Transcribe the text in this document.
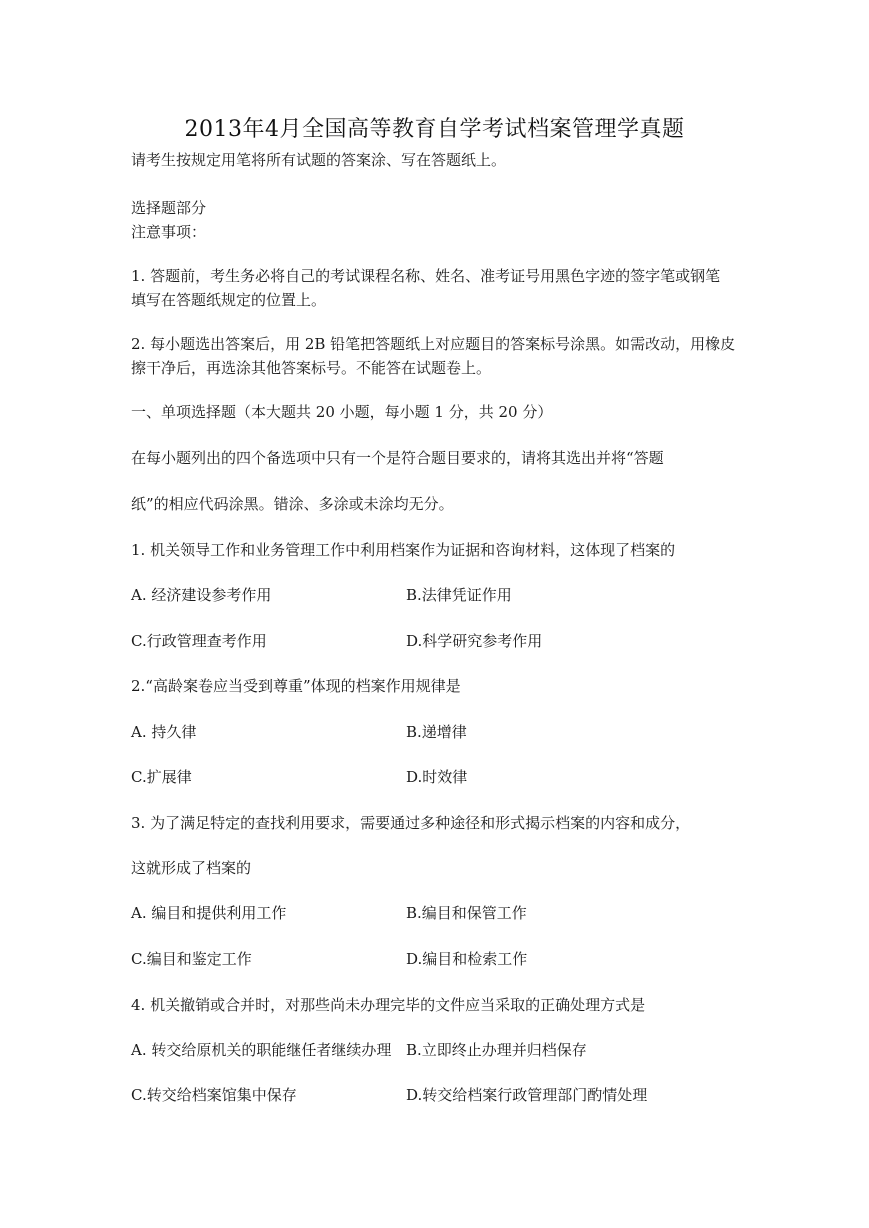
2013年4月全国高等教育自学考试档案管理学真题
请考生按规定用笔将所有试题的答案涂、写在答题纸上。
选择题部分
注意事项：
1. 答题前，考生务必将自己的考试课程名称、姓名、准考证号用黑色字迹的签字笔或钢笔
填写在答题纸规定的位置上。
2. 每小题选出答案后，用 2B 铅笔把答题纸上对应题目的答案标号涂黑。如需改动，用橡皮
擦干净后，再选涂其他答案标号。不能答在试题卷上。
一、单项选择题（本大题共 20 小题，每小题 1 分，共 20 分）
在每小题列出的四个备选项中只有一个是符合题目要求的，请将其选出并将“答题
纸”的相应代码涂黑。错涂、多涂或未涂均无分。
1. 机关领导工作和业务管理工作中利用档案作为证据和咨询材料，这体现了档案的
A. 经济建设参考作用	B.法律凭证作用
C.行政管理查考作用	D.科学研究参考作用
2.“高龄案卷应当受到尊重”体现的档案作用规律是
A. 持久律	B.递增律
C.扩展律	D.时效律
3. 为了满足特定的查找利用要求，需要通过多种途径和形式揭示档案的内容和成分，
这就形成了档案的
A. 编目和提供利用工作	B.编目和保管工作
C.编目和鉴定工作	D.编目和检索工作
4. 机关撤销或合并时，对那些尚未办理完毕的文件应当采取的正确处理方式是
A. 转交给原机关的职能继任者继续办理 B.立即终止办理并归档保存
C.转交给档案馆集中保存	D.转交给档案行政管理部门酌情处理
